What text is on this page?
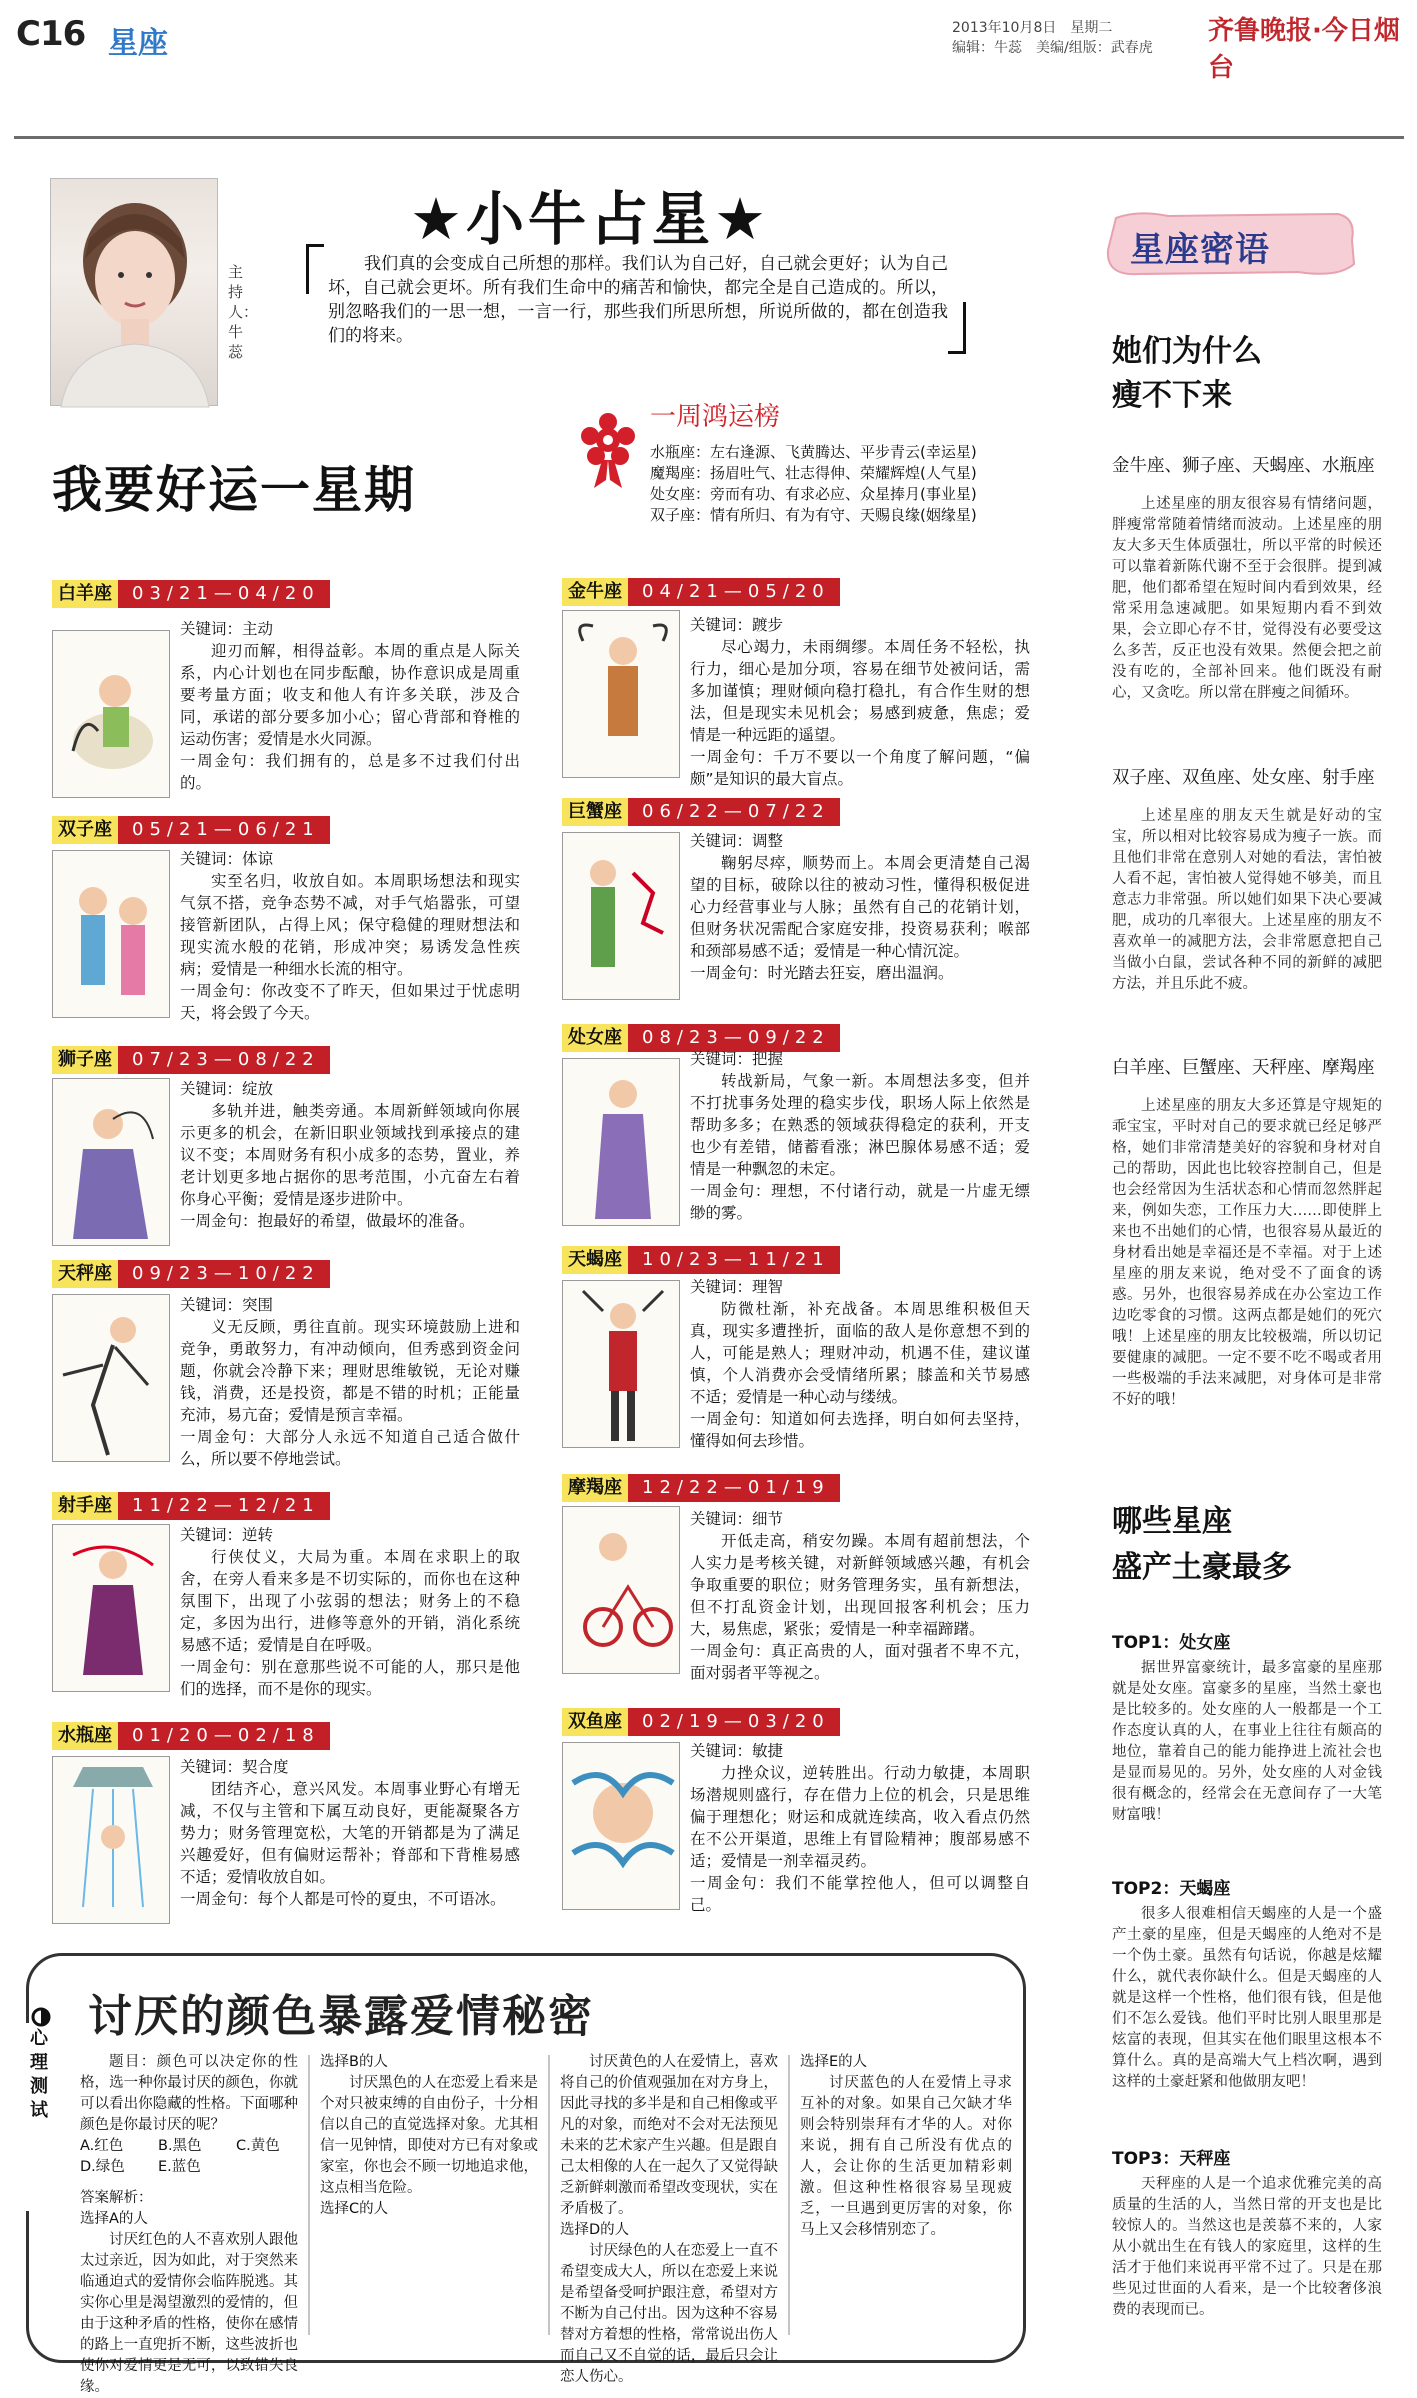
C16 星座	2013年10月8日　星期二
编辑：牛蕊　美编/组版：武春虎
齐鲁晚报·今日烟台
主持人：牛蕊
★小牛占星★
我们真的会变成自己所想的那样。我们认为自己好，自己就会更好；认为自己坏，自己就会更坏。所有我们生命中的痛苦和愉快，都完全是自己造成的。所以，别忽略我们的一思一想，一言一行，那些我们所思所想，所说所做的，都在创造我们的将来。
一周鸿运榜
水瓶座：左右逢源、飞黄腾达、平步青云(幸运星)
魔羯座：扬眉吐气、壮志得伸、荣耀辉煌(人气星)
处女座：旁而有功、有求必应、众星捧月(事业星)
双子座：情有所归、有为有守、天赐良缘(姻缘星)
我要好运一星期
白羊座	03/21—04/20
关键词：主动
迎刃而解，相得益彰。本周的重点是人际关系，内心计划也在同步酝酿，协作意识成是周重要考量方面；收支和他人有许多关联，涉及合同，承诺的部分要多加小心；留心背部和脊椎的运动伤害；爱情是水火同源。
一周金句：我们拥有的，总是多不过我们付出的。
双子座	05/21—06/21
关键词：体谅
实至名归，收放自如。本周职场想法和现实气氛不搭，竞争态势不减，对手气焰嚣张，可望接管新团队，占得上风；保守稳健的理财想法和现实流水般的花销，形成冲突；易诱发急性疾病；爱情是一种细水长流的相守。
一周金句：你改变不了昨天，但如果过于忧虑明天，将会毁了今天。
狮子座	07/23—08/22
关键词：绽放
多轨并进，触类旁通。本周新鲜领域向你展示更多的机会，在新旧职业领域找到承接点的建议不变；本周财务有积小成多的态势，置业，养老计划更多地占据你的思考范围，小亢奋左右着你身心平衡；爱情是逐步进阶中。
一周金句：抱最好的希望，做最坏的准备。
天秤座	09/23—10/22
关键词：突围
义无反顾，勇往直前。现实环境鼓励上进和竞争，勇敢努力，有冲动倾向，但秀惑到资金问题，你就会冷静下来；理财思维敏锐，无论对赚钱，消费，还是投资，都是不错的时机；正能量充沛，易亢奋；爱情是预言幸福。
一周金句：大部分人永远不知道自己适合做什么，所以要不停地尝试。
射手座	11/22—12/21
关键词：逆转
行侠仗义，大局为重。本周在求职上的取舍，在旁人看来多是不切实际的，而你也在这种氛围下，出现了小弦弱的想法；财务上的不稳定，多因为出行，进修等意外的开销，消化系统易感不适；爱情是自在呼吸。
一周金句：别在意那些说不可能的人，那只是他们的选择，而不是你的现实。
水瓶座	01/20—02/18
关键词：契合度
团结齐心，意兴风发。本周事业野心有增无减，不仅与主管和下属互动良好，更能凝聚各方势力；财务管理宽松，大笔的开销都是为了满足兴趣爱好，但有偏财运帮补；脊部和下背椎易感不适；爱情收放自如。
一周金句：每个人都是可怜的夏虫，不可语冰。
金牛座	04/21—05/20
关键词：踱步
尽心竭力，未雨绸缪。本周任务不轻松，执行力，细心是加分项，容易在细节处被问话，需多加谨慎；理财倾向稳打稳扎，有合作生财的想法，但是现实未见机会；易感到疲惫，焦虑；爱情是一种远距的遥望。
一周金句：千万不要以一个角度了解问题，“偏颇”是知识的最大盲点。
巨蟹座	06/22—07/22
关键词：调整
鞠躬尽瘁，顺势而上。本周会更清楚自己渴望的目标，破除以往的被动习性，懂得积极促进心力经营事业与人脉；虽然有自己的花销计划，但财务状况需配合家庭安排，投资易获利；喉部和颈部易感不适；爱情是一种心情沉淀。
一周金句：时光踏去狂妄，磨出温润。
处女座	08/23—09/22
关键词：把握
转战新局，气象一新。本周想法多变，但并不打扰事务处理的稳实步伐，职场人际上依然是帮助多多；在熟悉的领域获得稳定的获利，开支也少有差错，储蓄看涨；淋巴腺体易感不适；爱情是一种飘忽的未定。
一周金句：理想，不付诸行动，就是一片虚无缥缈的雾。
天蝎座	10/23—11/21
关键词：理智
防微杜渐，补充战备。本周思维积极但天真，现实多遭挫折，面临的敌人是你意想不到的人，可能是熟人；理财冲动，机遇不佳，建议谨慎，个人消费亦会受情绪所累；膝盖和关节易感不适；爱情是一种心动与缕绒。
一周金句：知道如何去选择，明白如何去坚持，懂得如何去珍惜。
摩羯座	12/22—01/19
关键词：细节
开低走高，稍安勿躁。本周有超前想法，个人实力是考核关键，对新鲜领域感兴趣，有机会争取重要的职位；财务管理务实，虽有新想法，但不打乱资金计划，出现回报客利机会；压力大，易焦虑，紧张；爱情是一种幸福蹄躇。
一周金句：真正高贵的人，面对强者不卑不亢，面对弱者平等视之。
双鱼座	02/19—03/20
关键词：敏捷
力挫众议，逆转胜出。行动力敏捷，本周职场潜规则盛行，存在借力上位的机会，只是思维偏于理想化；财运和成就连续高，收入看点仍然在不公开渠道，思维上有冒险精神；腹部易感不适；爱情是一剂幸福灵药。
一周金句：我们不能掌控他人，但可以调整自己。
星座密语
她们为什么
瘦不下来
金牛座、狮子座、天蝎座、水瓶座
上述星座的朋友很容易有情绪问题，胖瘦常常随着情绪而波动。上述星座的朋友大多天生体质强壮，所以平常的时候还可以靠着新陈代谢不至于会很胖。提到减肥，他们都希望在短时间内看到效果，经常采用急速减肥。如果短期内看不到效果，会立即心存不甘，觉得没有必要受这么多苦，反正也没有效果。然便会把之前没有吃的，全部补回来。他们既没有耐心，又贪吃。所以常在胖瘦之间循环。
双子座、双鱼座、处女座、射手座
上述星座的朋友天生就是好动的宝宝，所以相对比较容易成为瘦子一族。而且他们非常在意别人对她的看法，害怕被人看不起，害怕被人觉得她不够美，而且意志力非常强。所以她们如果下决心要减肥，成功的几率很大。上述星座的朋友不喜欢单一的减肥方法，会非常愿意把自己当做小白鼠，尝试各种不同的新鲜的减肥方法，并且乐此不疲。
白羊座、巨蟹座、天秤座、摩羯座
上述星座的朋友大多还算是守规矩的乖宝宝，平时对自己的要求就已经足够严格，她们非常清楚美好的容貌和身材对自己的帮助，因此也比较容控制自己，但是也会经常因为生活状态和心情而忽然胖起来，例如失恋，工作压力大……即使胖上来也不出她们的心情，也很容易从最近的身材看出她是幸福还是不幸福。对于上述星座的朋友来说，绝对受不了面食的诱惑。另外，也很容易养成在办公室边工作边吃零食的习惯。这两点都是她们的死穴哦！上述星座的朋友比较极端，所以切记要健康的减肥。一定不要不吃不喝或者用一些极端的手法来减肥，对身体可是非常不好的哦！
哪些星座
盛产土豪最多
TOP1：处女座
据世界富豪统计，最多富豪的星座那就是处女座。富豪多的星座，当然土豪也是比较多的。处女座的人一般都是一个工作态度认真的人，在事业上往往有颇高的地位，靠着自己的能力能挣进上流社会也是显而易见的。另外，处女座的人对金钱很有概念的，经常会在无意间存了一大笔财富哦！
TOP2：天蝎座
很多人很难相信天蝎座的人是一个盛产土豪的星座，但是天蝎座的人绝对不是一个伪土豪。虽然有句话说，你越是炫耀什么，就代表你缺什么。但是天蝎座的人就是这样一个性格，他们很有钱，但是他们不怎么爱钱。他们平时比别人眼里那是炫富的表现，但其实在他们眼里这根本不算什么。真的是高端大气上档次啊，遇到这样的土豪赶紧和他做朋友吧！
TOP3：天秤座
天秤座的人是一个追求优雅完美的高质量的生活的人，当然日常的开支也是比较惊人的。当然这也是羡慕不来的，人家从小就出生在有钱人的家庭里，这样的生活才于他们来说再平常不过了。只是在那些见过世面的人看来，是一个比较奢侈浪费的表现而已。
心理测试
讨厌的颜色暴露爱情秘密
题目：颜色可以决定你的性格，选一种你最讨厌的颜色，你就可以看出你隐藏的性格。下面哪种颜色是你最讨厌的呢？
A.红色 B.黑色 C.黄色
D.绿色 E.蓝色
答案解析：
选择A的人
讨厌红色的人不喜欢别人跟他太过亲近，因为如此，对于突然来临通迫式的爱情你会临阵脱逃。其实你心里是渴望激烈的爱情的，但由于这种矛盾的性格，使你在感情的路上一直兜折不断，这些波折也使你对爱情更是无可，以致错失良缘。
选择B的人
讨厌黑色的人在恋爱上看来是个对只被束缚的自由份子，十分相信以自己的直觉选择对象。尤其相信一见钟情，即使对方已有对象或家室，你也会不顾一切地追求他，这点相当危险。
选择C的人
讨厌黄色的人在爱情上，喜欢将自己的价值观强加在对方身上，因此寻找的多半是和自己相像或平凡的对象，而绝对不会对无法预见未来的艺术家产生兴趣。但是跟自己太相像的人在一起久了又觉得缺乏新鲜刺激而希望改变现状，实在矛盾极了。
选择D的人
讨厌绿色的人在恋爱上一直不希望变成大人，所以在恋爱上来说是希望备受呵护跟注意，希望对方不断为自己付出。因为这种不容易替对方着想的性格，常常说出伤人而自己又不自觉的话，最后只会让恋人伤心。
选择E的人
讨厌蓝色的人在爱情上寻求互补的对象。如果自己欠缺才华则会特别崇拜有才华的人。对你来说，拥有自己所没有优点的人，会让你的生活更加精彩刺激。但这种性格很容易呈现疲乏，一旦遇到更厉害的对象，你马上又会移情别恋了。
